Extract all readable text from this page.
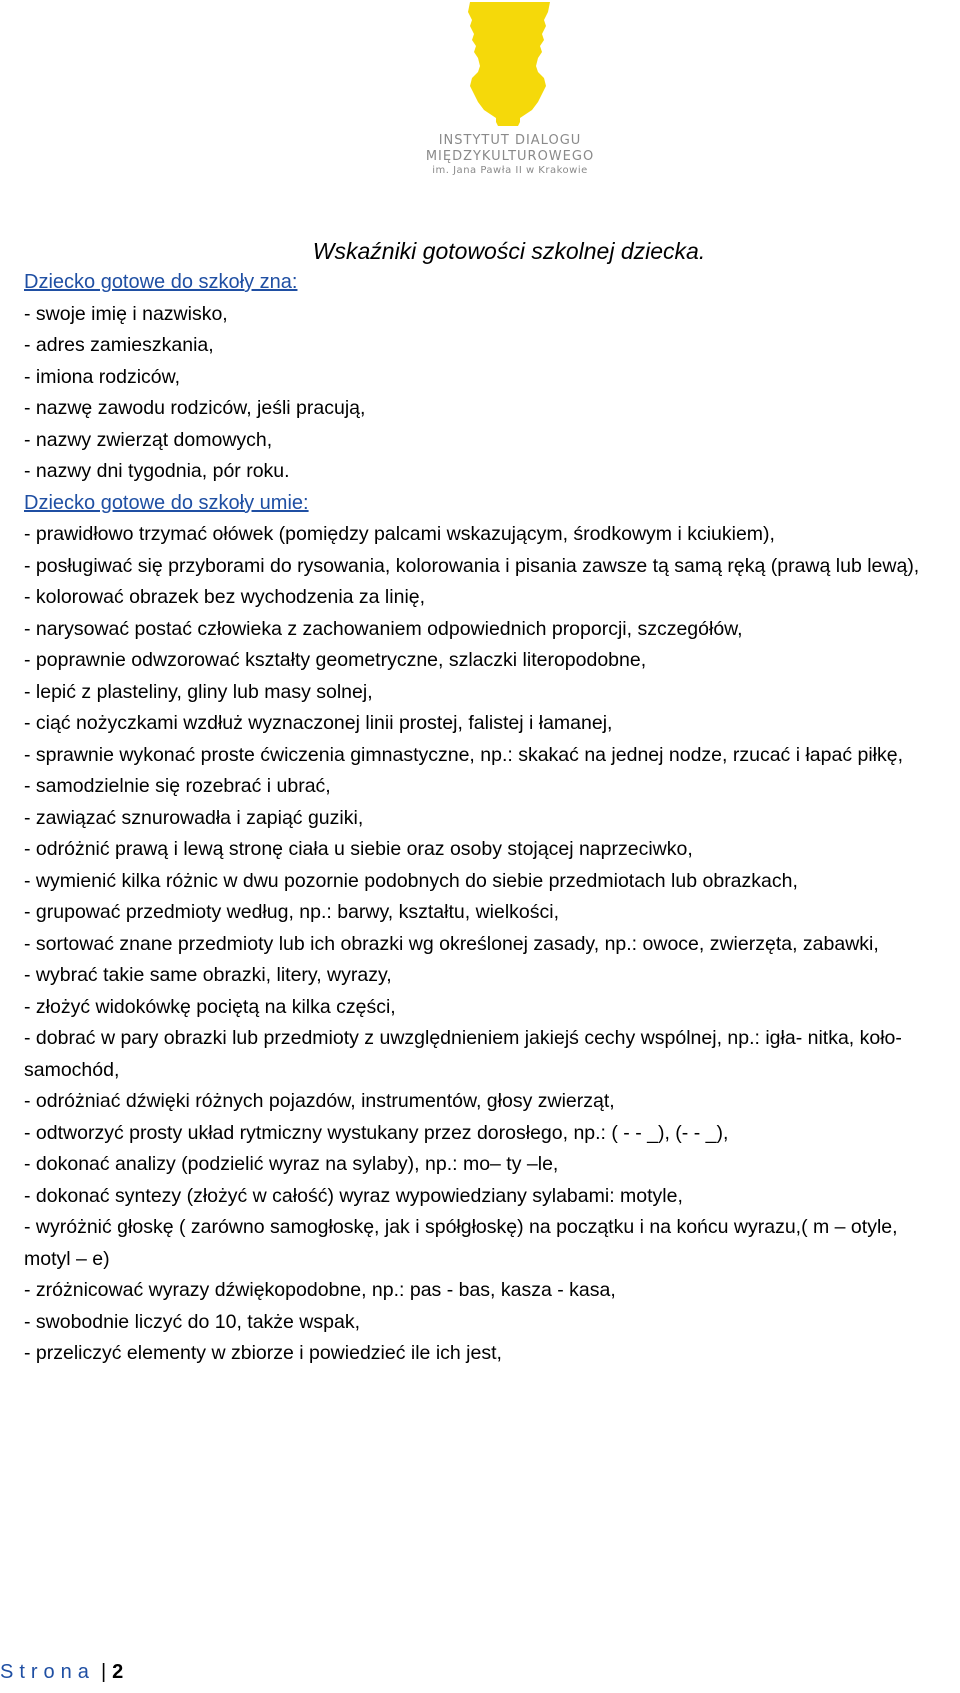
INSTYTUT DIALOGU
MIĘDZYKULTUROWEGO
im. Jana Pawła II w Krakowie
Wskaźniki gotowości szkolnej dziecka.
Dziecko gotowe do szkoły zna:
- swoje imię i nazwisko,
- adres zamieszkania,
- imiona rodziców,
- nazwę zawodu rodziców, jeśli pracują,
- nazwy zwierząt domowych,
- nazwy dni tygodnia, pór roku.
Dziecko gotowe do szkoły umie:
- prawidłowo trzymać ołówek (pomiędzy palcami wskazującym, środkowym i kciukiem),
- posługiwać się przyborami do rysowania, kolorowania i pisania zawsze tą samą ręką (prawą lub lewą),
- kolorować obrazek bez wychodzenia za linię,
- narysować postać człowieka z zachowaniem odpowiednich proporcji, szczegółów,
- poprawnie odwzorować kształty geometryczne, szlaczki literopodobne,
- lepić z plasteliny, gliny lub masy solnej,
- ciąć nożyczkami wzdłuż wyznaczonej linii prostej, falistej i łamanej,
- sprawnie wykonać proste ćwiczenia gimnastyczne, np.: skakać na jednej nodze, rzucać i łapać piłkę,
- samodzielnie się rozebrać i ubrać,
- zawiązać sznurowadła i zapiąć guziki,
- odróżnić prawą i lewą stronę ciała u siebie oraz osoby stojącej naprzeciwko,
- wymienić kilka różnic w dwu pozornie podobnych do siebie przedmiotach lub obrazkach,
- grupować przedmioty według, np.: barwy, kształtu, wielkości,
- sortować znane przedmioty lub ich obrazki wg określonej zasady, np.: owoce, zwierzęta, zabawki,
- wybrać takie same obrazki, litery, wyrazy,
- złożyć widokówkę pociętą na kilka części,
- dobrać w pary obrazki lub przedmioty z uwzględnieniem jakiejś cechy wspólnej, np.: igła- nitka, koło- samochód,
- odróżniać dźwięki różnych pojazdów, instrumentów, głosy zwierząt,
- odtworzyć prosty układ rytmiczny wystukany przez dorosłego, np.: ( - - _), (- - _),
- dokonać analizy (podzielić wyraz na sylaby), np.: mo– ty –le,
- dokonać syntezy (złożyć w całość) wyraz wypowiedziany sylabami: motyle,
- wyróżnić głoskę ( zarówno samogłoskę, jak i spółgłoskę) na początku i na końcu wyrazu,( m – otyle, motyl – e)
- zróżnicować wyrazy dźwiękopodobne, np.: pas - bas, kasza - kasa,
- swobodnie liczyć do 10, także wspak,
- przeliczyć elementy w zbiorze i powiedzieć ile ich jest,
Strona | 2
